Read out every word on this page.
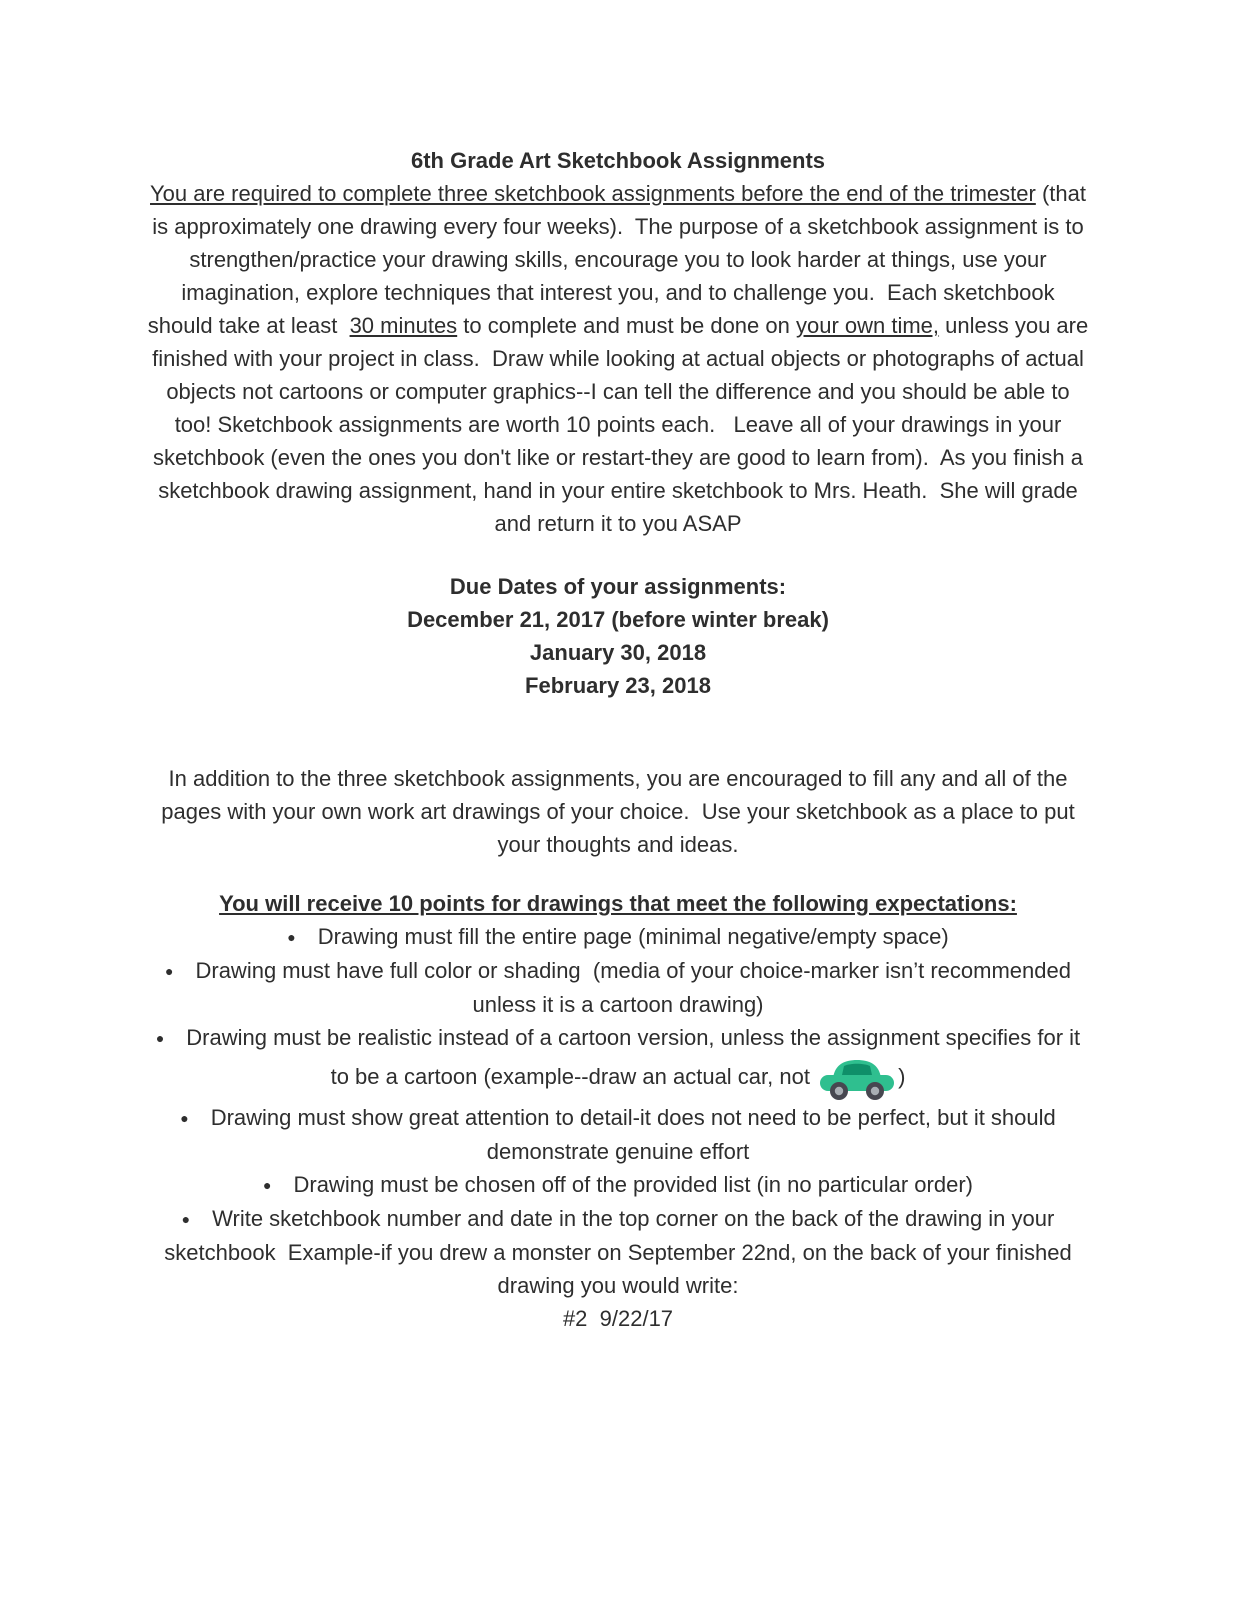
6th Grade Art Sketchbook Assignments

You are required to complete three sketchbook assignments before the end of the trimester (that is approximately one drawing every four weeks).  The purpose of a sketchbook assignment is to strengthen/practice your drawing skills, encourage you to look harder at things, use your imagination, explore techniques that interest you, and to challenge you.  Each sketchbook should take at least  30 minutes to complete and must be done on your own time, unless you are finished with your project in class.  Draw while looking at actual objects or photographs of actual objects not cartoons or computer graphics--I can tell the difference and you should be able to too! Sketchbook assignments are worth 10 points each.   Leave all of your drawings in your sketchbook (even the ones you don't like or restart-they are good to learn from).  As you finish a sketchbook drawing assignment, hand in your entire sketchbook to Mrs. Heath.  She will grade and return it to you ASAP

Due Dates of your assignments:

December 21, 2017 (before winter break)

January 30, 2018

February 23, 2018

In addition to the three sketchbook assignments, you are encouraged to fill any and all of the pages with your own work art drawings of your choice.  Use your sketchbook as a place to put your thoughts and ideas.

You will receive 10 points for drawings that meet the following expectations:

● Drawing must fill the entire page (minimal negative/empty space)

● Drawing must have full color or shading  (media of your choice-marker isn’t recommended unless it is a cartoon drawing)

● Drawing must be realistic instead of a cartoon version, unless the assignment specifies for it to be a cartoon (example--draw an actual car, not	)

● Drawing must show great attention to detail-it does not need to be perfect, but it should demonstrate genuine effort

● Drawing must be chosen off of the provided list (in no particular order)

● Write sketchbook number and date in the top corner on the back of the drawing in your sketchbook  Example-if you drew a monster on September 22nd, on the back of your finished drawing you would write:

#2  9/22/17
